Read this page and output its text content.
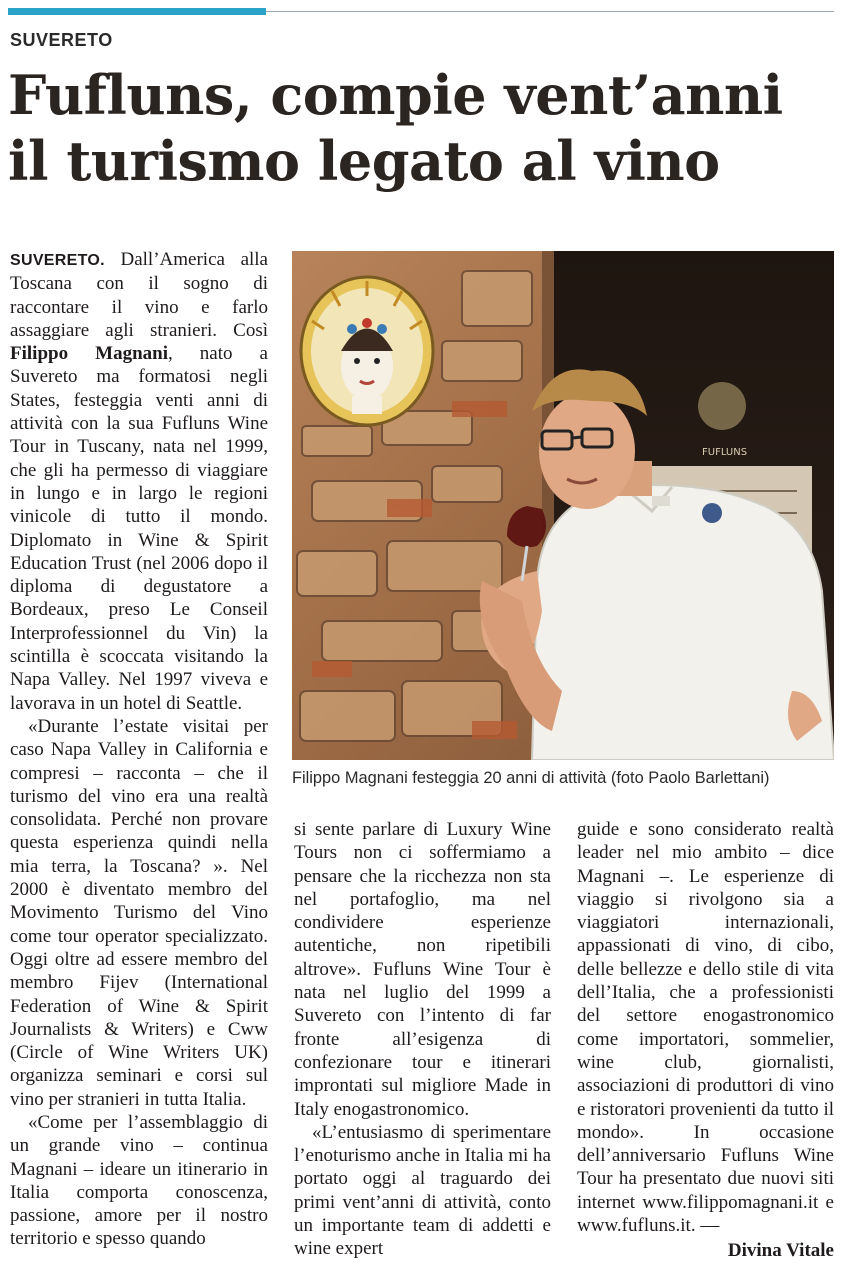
SUVERETO
Fufluns, compie vent’anni
il turismo legato al vino

SUVERETO. Dall’America alla Toscana con il sogno di raccontare il vino e farlo assaggiare agli stranieri. Così Filippo Magnani, nato a Suvereto ma formatosi negli States, festeggia venti anni di attività con la sua Fufluns Wine Tour in Tuscany, nata nel 1999, che gli ha permesso di viaggiare in lungo e in largo le regioni vinicole di tutto il mondo. Diplomato in Wine & Spirit Education Trust (nel 2006 dopo il diploma di degustatore a Bordeaux, preso Le Conseil Interprofessionnel du Vin) la scintilla è scoccata visitando la Napa Valley. Nel 1997 viveva e lavorava in un hotel di Seattle.

«Durante l’estate visitai per caso Napa Valley in California e compresi – racconta – che il turismo del vino era una realtà consolidata. Perché non provare questa esperienza quindi nella mia terra, la Toscana? ». Nel 2000 è diventato membro del Movimento Turismo del Vino come tour operator specializzato. Oggi oltre ad essere membro del membro Fijev (International Federation of Wine & Spirit Journalists & Writers) e Cww (Circle of Wine Writers UK) organizza seminari e corsi sul vino per stranieri in tutta Italia.

«Come per l’assemblaggio di un grande vino – continua Magnani – ideare un itinerario in Italia comporta conoscenza, passione, amore per il nostro territorio e spesso quando

FUFLUNS
Filippo Magnani festeggia 20 anni di attività (foto Paolo Barlettani)

si sente parlare di Luxury Wine Tours non ci soffermiamo a pensare che la ricchezza non sta nel portafoglio, ma nel condividere esperienze autentiche, non ripetibili altrove». Fufluns Wine Tour è nata nel luglio del 1999 a Suvereto con l’intento di far fronte all’esigenza di confezionare tour e itinerari improntati sul migliore Made in Italy enogastronomico.

«L’entusiasmo di sperimentare l’enoturismo anche in Italia mi ha portato oggi al traguardo dei primi vent’anni di attività, conto un importante team di addetti e wine expert

guide e sono considerato realtà leader nel mio ambito – dice Magnani –. Le esperienze di viaggio si rivolgono sia a viaggiatori internazionali, appassionati di vino, di cibo, delle bellezze e dello stile di vita dell’Italia, che a professionisti del settore enogastronomico come importatori, sommelier, wine club, giornalisti, associazioni di produttori di vino e ristoratori provenienti da tutto il mondo». In occasione dell’anniversario Fufluns Wine Tour ha presentato due nuovi siti internet www.filippomagnani.it e www.fufluns.it. —

Divina Vitale
